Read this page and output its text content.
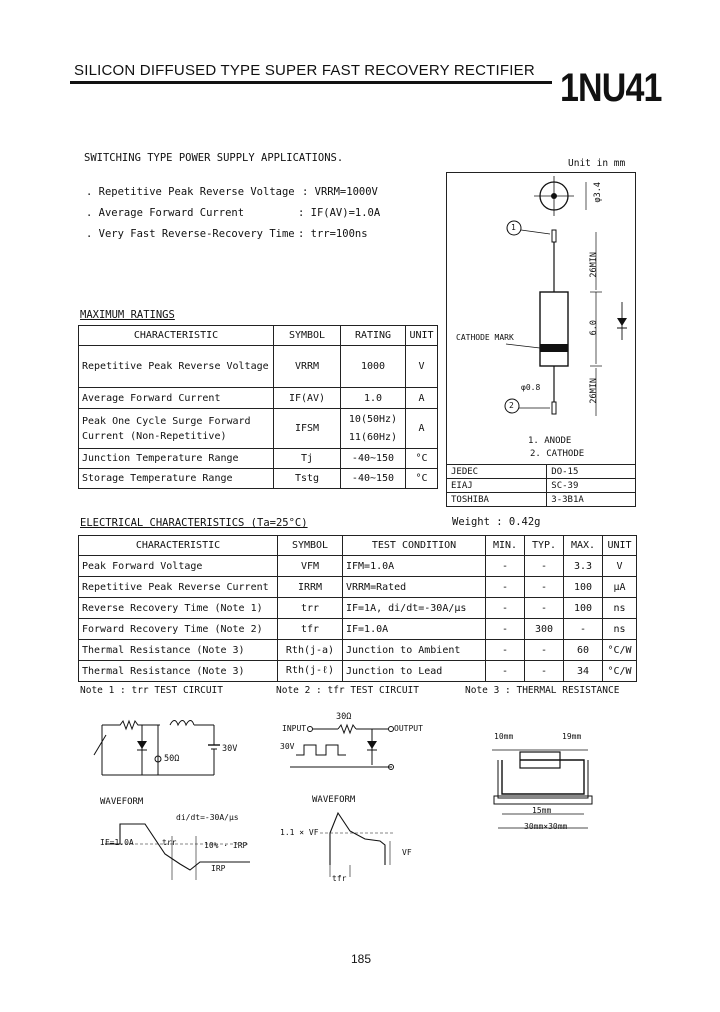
SILICON DIFFUSED TYPE SUPER FAST RECOVERY RECTIFIER 1NU41
SWITCHING TYPE POWER SUPPLY APPLICATIONS.
. Repetitive Peak Reverse Voltage : VRRM=1000V
. Average Forward Current	: IF(AV)=1.0A
. Very Fast Reverse-Recovery Time : trr=100ns
Unit in mm
φ3.4
26MIN
6.0
26MIN
φ0.8
CATHODE MARK
1
2
1. ANODE
2. CATHODE
JEDEC	DO-15
EIAJ	SC-39
TOSHIBA	3-3B1A
Weight : 0.42g
MAXIMUM RATINGS
CHARACTERISTIC	SYMBOL	RATING	UNIT
Repetitive Peak Reverse Voltage	VRRM	1000	V
Average Forward Current	IF(AV)	1.0	A
Peak One Cycle Surge Forward Current (Non-Repetitive)	IFSM	10(50Hz)
11(60Hz)	A
Junction Temperature Range	Tj	-40~150	°C
Storage Temperature Range	Tstg	-40~150	°C
ELECTRICAL CHARACTERISTICS (Ta=25°C)
CHARACTERISTIC	SYMBOL	TEST CONDITION	MIN.	TYP.	MAX.	UNIT
Peak Forward Voltage	VFM	IFM=1.0A	-	-	3.3	V
Repetitive Peak Reverse Current	IRRM	VRRM=Rated	-	-	100	μA
Reverse Recovery Time (Note 1)	trr	IF=1A, di/dt=-30A/μs	-	-	100	ns
Forward Recovery Time (Note 2)	tfr	IF=1.0A	-	300	-	ns
Thermal Resistance (Note 3)	Rth(j-a)	Junction to Ambient	-	-	60	°C/W
Thermal Resistance (Note 3)	Rth(j-ℓ)	Junction to Lead	-	-	34	°C/W
Note 1 : trr TEST CIRCUIT	Note 2 : tfr TEST CIRCUIT	Note 3 : THERMAL RESISTANCE
50Ω
30V
WAVEFORM
di/dt=-30A/μs
IF=1.0A	trr	10% · IRP
IRP
30Ω
INPUT	OUTPUT
30V
WAVEFORM
1.1 × VF
VF
tfr
10mm	19mm
15mm
30mm×30mm
185
